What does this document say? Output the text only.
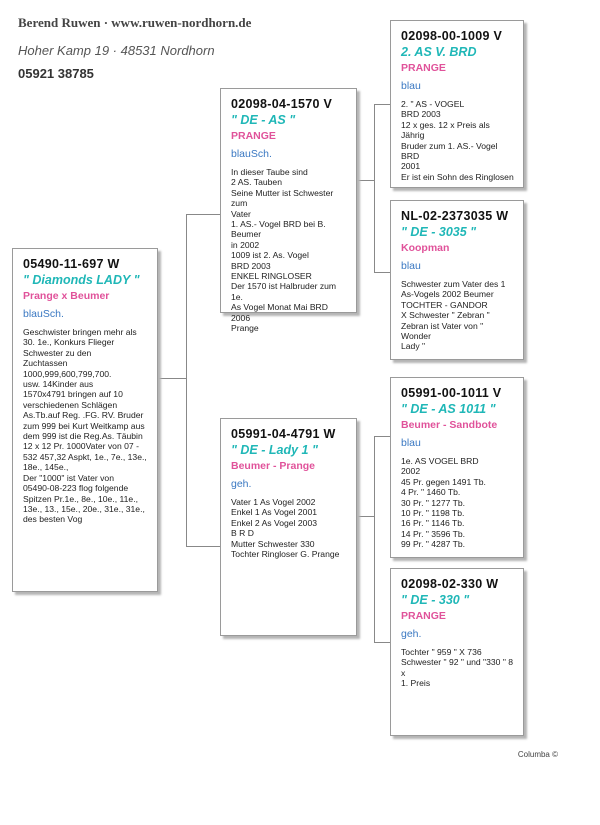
Berend Ruwen · www.ruwen-nordhorn.de
Hoher Kamp 19 · 48531 Nordhorn
05921 38785
05490-11-697 W
" Diamonds LADY "
Prange x Beumer
blauSch.
Geschwister bringen mehr als
30. 1e., Konkurs Flieger
Schwester zu den
Zuchtassen
1000,999,600,799,700.
usw. 14Kinder aus
1570x4791 bringen auf 10
verschiedenen Schlägen
As.Tb.auf Reg. .FG. RV. Bruder
zum 999 bei Kurt Weitkamp aus
dem 999 ist die Reg.As. Täubin
12 x 12 Pr. 1000Vater von 07 -
532 457,32 Aspkt, 1e., 7e., 13e.,
18e., 145e.,
Der "1000" ist Vater von
05490-08-223 flog folgende
Spitzen Pr.1e., 8e., 10e., 11e.,
13e., 13., 15e., 20e., 31e., 31e.,
des besten Vog
02098-04-1570 V
" DE - AS "
PRANGE
blauSch.
In dieser Taube sind
2 AS. Tauben
Seine Mutter ist Schwester zum
Vater
1. AS.- Vogel BRD bei B. Beumer
in 2002
1009 ist 2. As. Vogel
BRD 2003
ENKEL RINGLOSER
Der 1570 ist Halbruder zum 1e.
As Vogel Monat Mai BRD 2006
Prange
05991-04-4791 W
" DE - Lady 1 "
Beumer - Prange
geh.
Vater 1 As Vogel 2002
Enkel 1 As Vogel 2001
Enkel 2 As Vogel 2003
B R D
Mutter Schwester 330
Tochter Ringloser G. Prange
02098-00-1009 V
2. AS V. BRD
PRANGE
blau
2. " AS - VOGEL
BRD 2003
12 x ges. 12 x Preis als
Jährig
Bruder zum 1. AS.- Vogel BRD
2001
Er ist ein Sohn des Ringlosen
NL-02-2373035 W
" DE - 3035 "
Koopman
blau
Schwester zum Vater des 1
As-Vogels 2002 Beumer
TOCHTER - GANDOR
X Schwester " Zebran "
Zebran ist Vater von " Wonder
Lady "
05991-00-1011 V
" DE - AS 1011 "
Beumer - Sandbote
blau
1e. AS VOGEL BRD
2002
45 Pr. gegen 1491 Tb.
4 Pr. " 1460 Tb.
30 Pr. " 1277 Tb.
10 Pr. " 1198 Tb.
16 Pr. " 1146 Tb.
14 Pr. " 3596 Tb.
99 Pr. " 4287 Tb.
02098-02-330 W
" DE - 330 "
PRANGE
geh.
Tochter " 959 " X 736
Schwester " 92 " und "330 " 8 x
1. Preis
Columba ©
